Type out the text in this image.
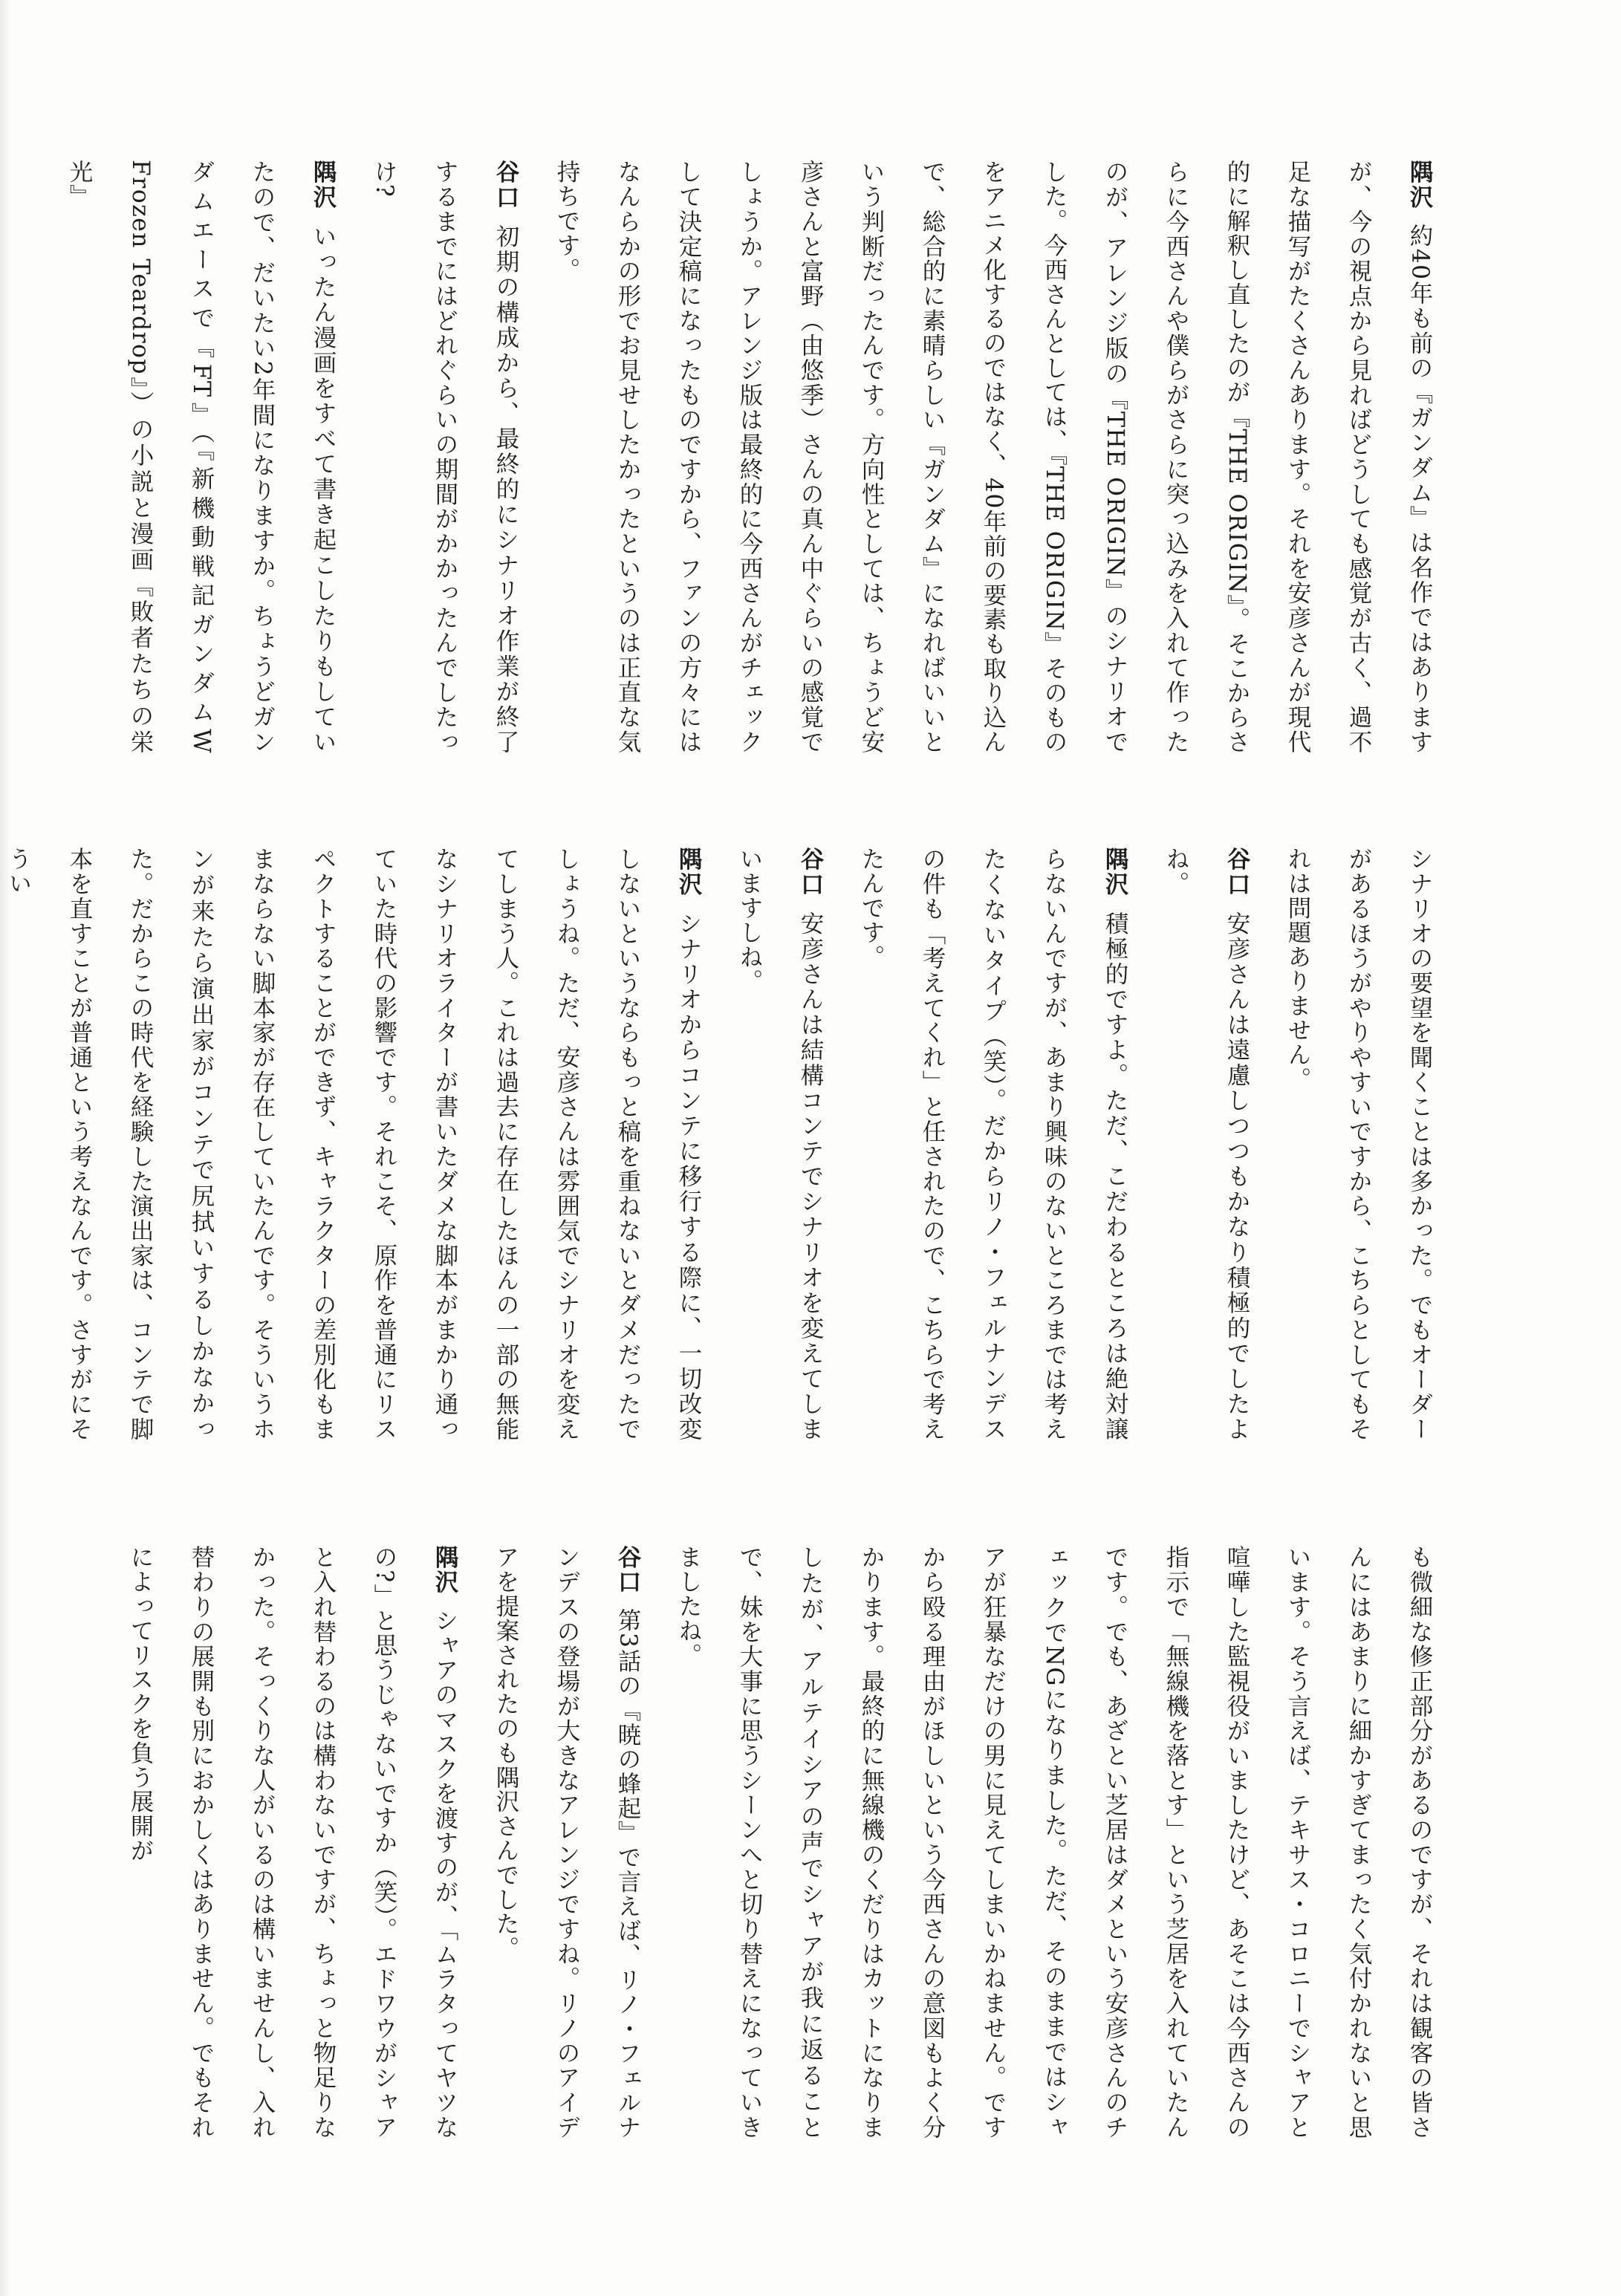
隅沢約40年も前の『ガンダム』は名作ではありますが、今の視点から見ればどうしても感覚が古く、過不足な描写がたくさんあります。それを安彦さんが現代的に解釈し直したのが『THE ORIGIN』。そこからさらに今西さんや僕らがさらに突っ込みを入れて作ったのが、アレンジ版の『THE ORIGIN』のシナリオでした。今西さんとしては、『THE ORIGIN』そのものをアニメ化するのではなく、40年前の要素も取り込んで、総合的に素晴らしい『ガンダム』になればいいという判断だったんです。方向性としては、ちょうど安彦さんと富野（由悠季）さんの真ん中ぐらいの感覚でしょうか。アレンジ版は最終的に今西さんがチェックして決定稿になったものですから、ファンの方々にはなんらかの形でお見せしたかったというのは正直な気持ちです。

谷口初期の構成から、最終的にシナリオ作業が終了するまでにはどれぐらいの期間がかかったんでしたっけ?

隅沢いったん漫画をすべて書き起こしたりもしていたので、だいたい2年間になりますか。ちょうどガンダムエースで『FT』（『新機動戦記ガンダムW Frozen Teardrop』）の小説と漫画『敗者たちの栄光』

シナリオの要望を聞くことは多かった。でもオーダーがあるほうがやりやすいですから、こちらとしてもそれは問題ありません。

谷口安彦さんは遠慮しつつもかなり積極的でしたよね。

隅沢積極的ですよ。ただ、こだわるところは絶対譲らないんですが、あまり興味のないところまでは考えたくないタイプ（笑）。だからリノ・フェルナンデスの件も「考えてくれ」と任されたので、こちらで考えたんです。

谷口安彦さんは結構コンテでシナリオを変えてしまいますしね。

隅沢シナリオからコンテに移行する際に、一切改変しないというならもっと稿を重ねないとダメだったでしょうね。ただ、安彦さんは雰囲気でシナリオを変えてしまう人。これは過去に存在したほんの一部の無能なシナリオライターが書いたダメな脚本がまかり通っていた時代の影響です。それこそ、原作を普通にリスペクトすることができず、キャラクターの差別化もままならない脚本家が存在していたんです。そういうホンが来たら演出家がコンテで尻拭いするしかなかった。だからこの時代を経験した演出家は、コンテで脚本を直すことが普通という考えなんです。さすがにそうい

も微細な修正部分があるのですが、それは観客の皆さんにはあまりに細かすぎてまったく気付かれないと思います。そう言えば、テキサス・コロニーでシャアと喧嘩した監視役がいましたけど、あそこは今西さんの指示で「無線機を落とす」という芝居を入れていたんです。でも、あざとい芝居はダメという安彦さんのチェックでNGになりました。ただ、そのままではシャアが狂暴なだけの男に見えてしまいかねません。ですから殴る理由がほしいという今西さんの意図もよく分かります。最終的に無線機のくだりはカットになりましたが、アルテイシアの声でシャアが我に返ることで、妹を大事に思うシーンへと切り替えになっていきましたね。

谷口第3話の『暁の蜂起』で言えば、リノ・フェルナンデスの登場が大きなアレンジですね。リノのアイデアを提案されたのも隅沢さんでした。

隅沢シャアのマスクを渡すのが、「ムラタってヤツなの?」と思うじゃないですか（笑）。エドワウがシャアと入れ替わるのは構わないですが、ちょっと物足りなかった。そっくりな人がいるのは構いませんし、入れ替わりの展開も別におかしくはありません。でもそれによってリスクを負う展開が
